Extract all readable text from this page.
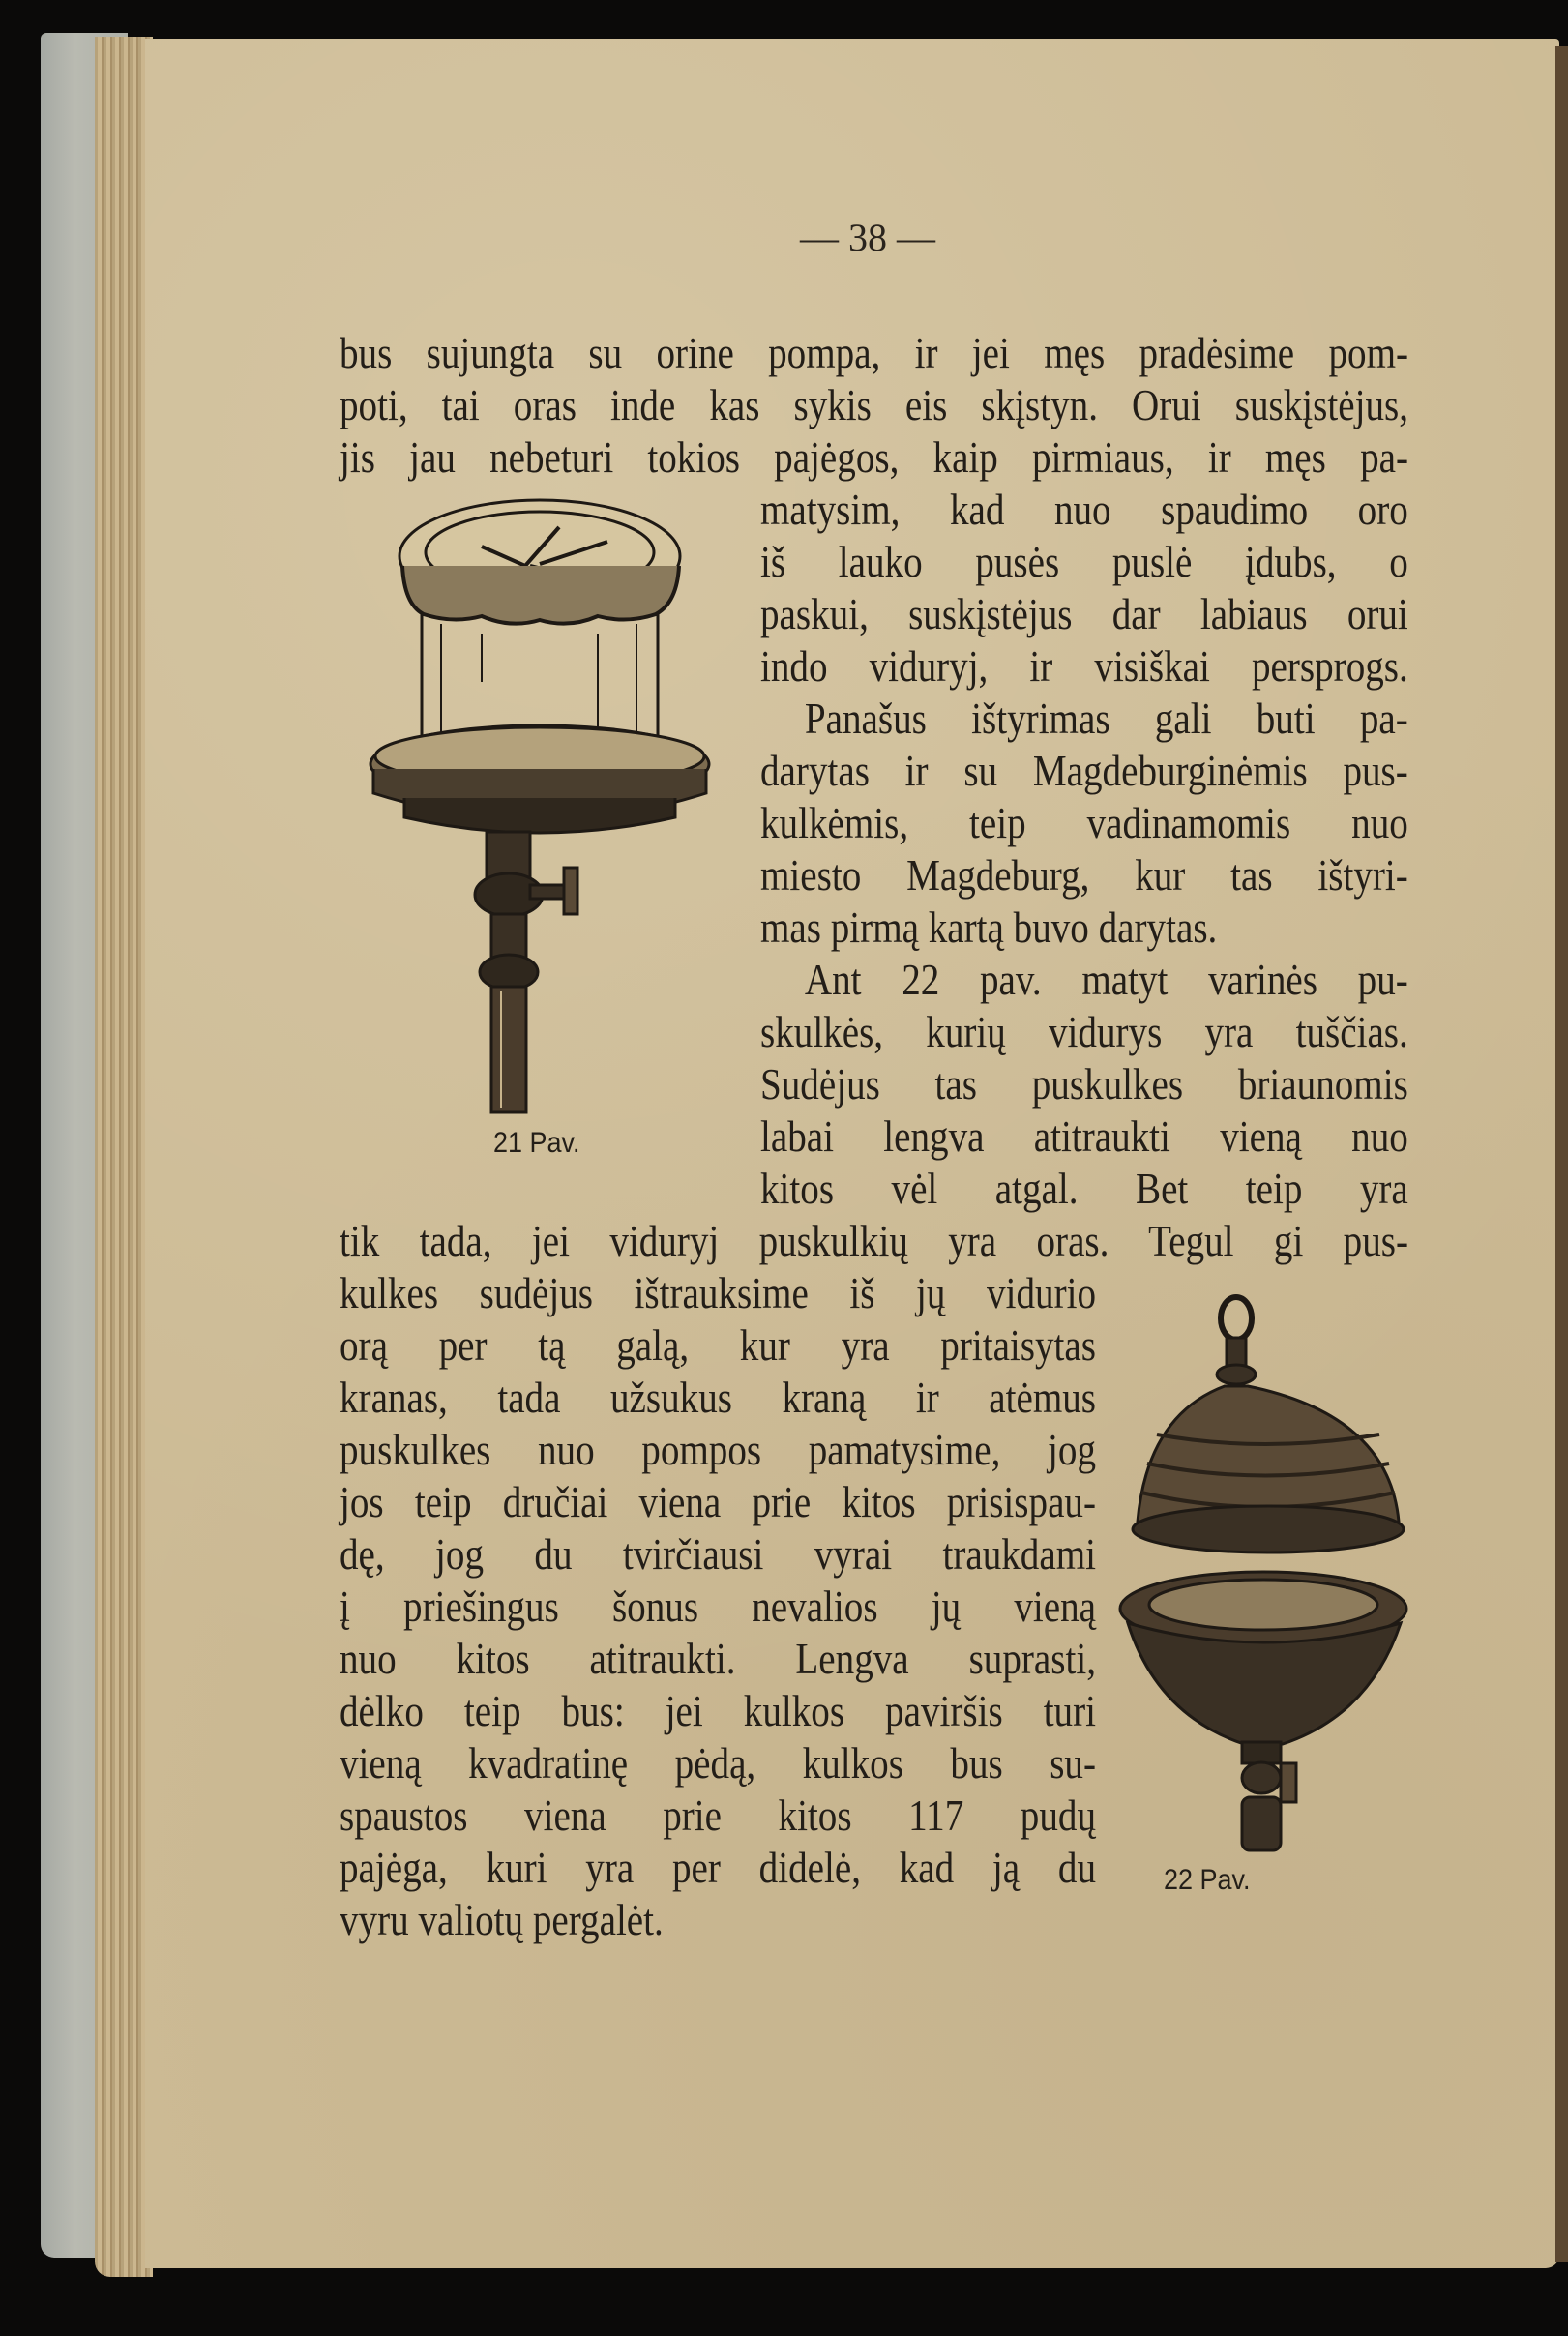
— 38 —
bus sujungta su orine pompa, ir jei męs pradėsime pom-
poti, tai oras inde kas sykis eis skįstyn. Orui suskįstėjus,
jis jau nebeturi tokios pajėgos, kaip pirmiaus, ir męs pa-
matysim, kad nuo spaudimo oro
iš lauko pusės puslė įdubs, o
paskui, suskįstėjus dar labiaus orui
indo viduryj, ir visiškai persprogs.
Panašus ištyrimas gali buti pa-
darytas ir su Magdeburginėmis pus-
kulkėmis, teip vadinamomis nuo
miesto Magdeburg, kur tas ištyri-
mas pirmą kartą buvo darytas.
Ant 22 pav. matyt varinės pu-
skulkės, kurių vidurys yra tuščias.
Sudėjus tas puskulkes briaunomis
labai lengva atitraukti vieną nuo
kitos vėl atgal. Bet teip yra
tik tada, jei viduryj puskulkių yra oras. Tegul gi pus-
kulkes sudėjus ištrauksime iš jų vidurio
orą per tą galą, kur yra pritaisytas
kranas, tada užsukus kraną ir atėmus
puskulkes nuo pompos pamatysime, jog
jos teip dručiai viena prie kitos prisispau-
dę, jog du tvirčiausi vyrai traukdami
į priešingus šonus nevalios jų vieną
nuo kitos atitraukti. Lengva suprasti,
dėlko teip bus: jei kulkos paviršis turi
vieną kvadratinę pėdą, kulkos bus su-
spaustos viena prie kitos 117 pudų
pajėga, kuri yra per didelė, kad ją du
vyru valiotų pergalėt.
21 Pav.
22 Pav.
